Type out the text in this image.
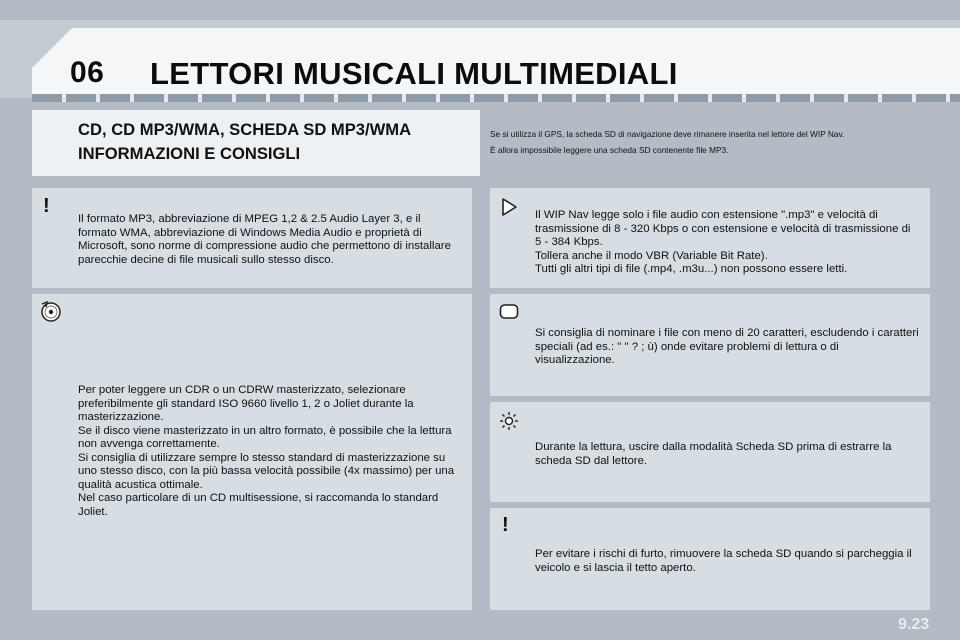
06 LETTORI MUSICALI MULTIMEDIALI
CD, CD MP3/WMA, SCHEDA SD MP3/WMA
INFORMAZIONI E CONSIGLI

Se si utilizza il GPS, la scheda SD di navigazione deve rimanere inserita nel lettore del WIP Nav.

È allora impossibile leggere una scheda SD contenente file MP3.

!
Il formato MP3, abbreviazione di MPEG 1,2 & 2.5 Audio Layer 3, e il formato WMA, abbreviazione di Windows Media Audio e proprietà di Microsoft, sono norme di compressione audio che permettono di installare parecchie decine di file musicali sullo stesso disco.

Per poter leggere un CDR o un CDRW masterizzato, selezionare preferibilmente gli standard ISO 9660 livello 1, 2 o Joliet durante la masterizzazione.

Se il disco viene masterizzato in un altro formato, è possibile che la lettura non avvenga correttamente.

Si consiglia di utilizzare sempre lo stesso standard di masterizzazione su uno stesso disco, con la più bassa velocità possibile (4x massimo) per una qualità acustica ottimale.

Nel caso particolare di un CD multisessione, si raccomanda lo standard Joliet.

Il WIP Nav legge solo i file audio con estensione ".mp3" e velocità di trasmissione di 8 - 320 Kbps o con estensione e velocità di trasmissione di 5 - 384 Kbps.

Tollera anche il modo VBR (Variable Bit Rate).

Tutti gli altri tipi di file (.mp4, .m3u...) non possono essere letti.

Si consiglia di nominare i file con meno di 20 caratteri, escludendo i caratteri speciali (ad es.: " " ? ; ù) onde evitare problemi di lettura o di visualizzazione.
Durante la lettura, uscire dalla modalità Scheda SD prima di estrarre la scheda SD dal lettore.
!
Per evitare i rischi di furto, rimuovere la scheda SD quando si parcheggia il veicolo e si lascia il tetto aperto.
9.23
